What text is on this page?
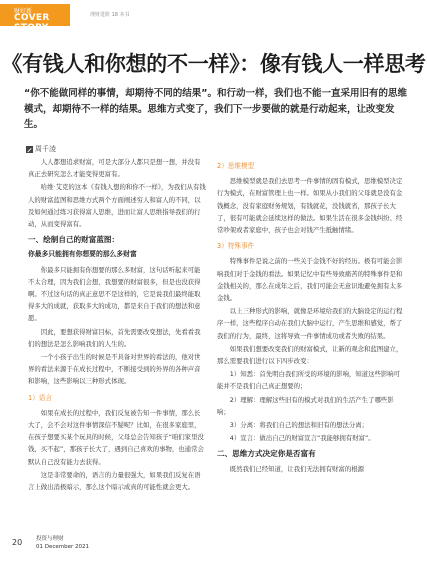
财好新
COVER STORY
理财进阶 18 本书
《有钱人和你想的不一样》：像有钱人一样思考
“你不能做同样的事情，却期待不同的结果”。和行动一样，我们也不能一直采用旧有的思维模式，却期待不一样的结果。思维方式变了，我们下一步要做的就是行动起来，让改变发生。
周千凌

人人都想追求财富，可是大部分人都只是想一想，并没有真正去研究怎么才能变得更富有。

哈维·艾克的这本《有钱人想的和你不一样》，为我们从有钱人的财富蓝图和思维方式两个方面阐述穷人和富人的不同，以及如何通过练习获得富人思维，进而让富人思维指导我们的行动，从而变得富有。

一、绘制自己的财富蓝图：
你最多只能拥有你想要的那么多财富

你最多只能拥有你想要的那么多财富，这句话听起来可能不太合理，因为我们会想，我想要的财富很多，但是也没获得啊。不过这句话的真正意思不是这样的，它是说我们最终能取得多大的成就，获取多大的成功，都是来自于我们的想法和意愿。

因此，要想获得财富目标，首先需要改变想法，先看看我们的想法是怎么影响我们的人生的。

一个小孩子出生的时候是不具备对世界的看法的，他对世界的看法来源于在成长过程中，不断接受到的外界的各种声音和影响，这些影响以三种形式体现。

1）语言

如果在成长的过程中，我们反复被告知一件事情，那么长大了，会不会对这件事情深信不疑呢？比如，在很多家庭里，在孩子想要买某个玩具的时候，父母总会告知孩子“咱们家里没钱，买不起”，那孩子长大了，遇到自己喜欢的事物，也通常会默认自己没有能力去获得。

这是非常要命的，语言的力量很强大，如果我们反复在语言上做出消极暗示，那么这个暗示成真的可能性就会更大。

2）思维模型

思维模型就是我们去思考一件事情的固有模式，思维模型决定行为模式，在财富管理上也一样。如果从小我们的父母就是没有金钱概念，没有家庭财务规划，有钱就花，没钱就省，那孩子长大了，很有可能就会延续这样的做法。如果生活在很多金钱纠纷、经常吵架或者家庭中，孩子也会对钱产生抵触情绪。

3）特殊事件

特殊事件是说之前的一些关于金钱不好的经历。极有可能会影响我们对于金钱的看法。如果记忆中有些导致痛苦的特殊事件是和金钱相关的，那么在成年之后，我们可能会无意识地避免拥有太多金钱。

以上三种形式的影响，就像是环境给我们的大脑设定的运行程序一样，这些程序自动在我们大脑中运行，产生思维和感觉，帮了我们的行为，最终，这将导致一件事情成功或者失败的结果。

如果我们想要改变我们的财富模式，让新的观念和蓝图建立，那么需要我们进行以下四步改变：

1）知悉：首先明白我们所受的环境的影响，知道这些影响可能并不是我们自己真正想要的；

2）理解：理解这些旧有的模式对我们的生活产生了哪些影响；

3）分离：将我们自己的想法和旧有的想法分离；

4）宣言：做出自己的财富宣言“我能够拥有财富”。

二、思维方式决定你是否富有

既然我们已经知道，让我们无法拥有财富的根源

20	投资与理财
01 December 2021
